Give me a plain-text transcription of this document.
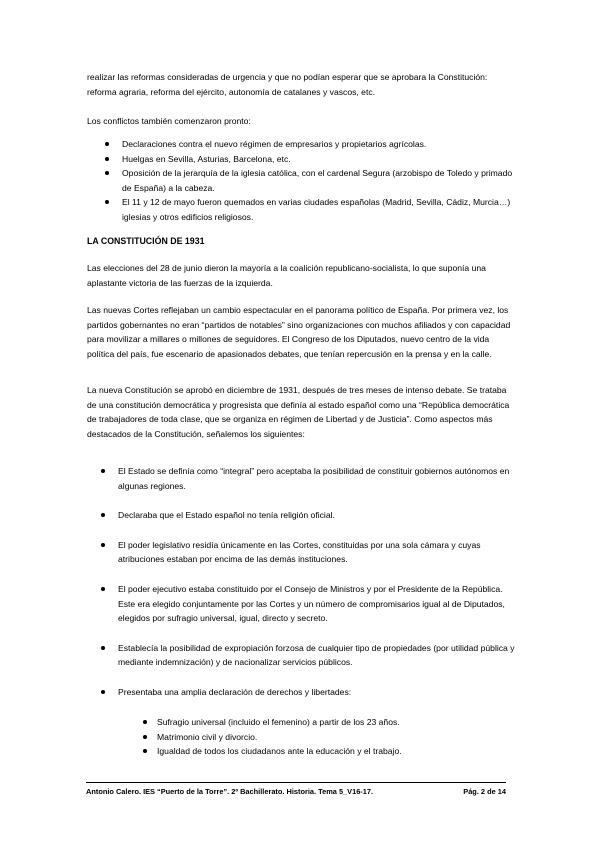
realizar las reformas consideradas de urgencia y que no podían esperar que se aprobara la Constitución: reforma agraria, reforma del ejército, autonomía de catalanes y vascos, etc.

Los conflictos también comenzaron pronto:

Declaraciones contra el nuevo régimen de empresarios y propietarios agrícolas.
Huelgas en Sevilla, Asturias, Barcelona, etc.
Oposición de la jerarquía de la iglesia católica, con el cardenal Segura (arzobispo de Toledo y primado de España) a la cabeza.
El 11 y 12 de mayo fueron quemados en varias ciudades españolas (Madrid, Sevilla, Cádiz, Murcia…) iglesias y otros edificios religiosos.

LA CONSTITUCIÓN DE 1931

Las elecciones del 28 de junio dieron la mayoría a la coalición republicano-socialista, lo que suponía una aplastante victoria de las fuerzas de la izquierda.

Las nuevas Cortes reflejaban un cambio espectacular en el panorama político de España. Por primera vez, los partidos gobernantes no eran “partidos de notables” sino organizaciones con muchos afiliados y con capacidad para movilizar a millares o millones de seguidores. El Congreso de los Diputados, nuevo centro de la vida política del país, fue escenario de apasionados debates, que tenían repercusión en la prensa y en la calle.

La nueva Constitución se aprobó en diciembre de 1931, después de tres meses de intenso debate. Se trataba de una constitución democrática y progresista que definía al estado español como una “República democrática de trabajadores de toda clase, que se organiza en régimen de Libertad y de Justicia”. Como aspectos más destacados de la Constitución, señalemos los siguientes:

El Estado se definía como “integral” pero aceptaba la posibilidad de constituir gobiernos autónomos en algunas regiones.
Declaraba que el Estado español no tenía religión oficial.
El poder legislativo residía únicamente en las Cortes, constituidas por una sola cámara y cuyas atribuciones estaban por encima de las demás instituciones.
El poder ejecutivo estaba constituido por el Consejo de Ministros y por el Presidente de la República. Este era elegido conjuntamente por las Cortes y un número de compromisarios igual al de Diputados, elegidos por sufragio universal, igual, directo y secreto.
Establecía la posibilidad de expropiación forzosa de cualquier tipo de propiedades (por utilidad pública y mediante indemnización) y de nacionalizar servicios públicos.
Presentaba una amplia declaración de derechos y libertades:
Sufragio universal (incluido el femenino) a partir de los 23 años.
Matrimonio civil y divorcio.
Igualdad de todos los ciudadanos ante la educación y el trabajo.
Antonio Calero. IES “Puerto de la Torre”. 2º Bachillerato. Historia. Tema 5_V16-17.	Pág. 2 de 14
